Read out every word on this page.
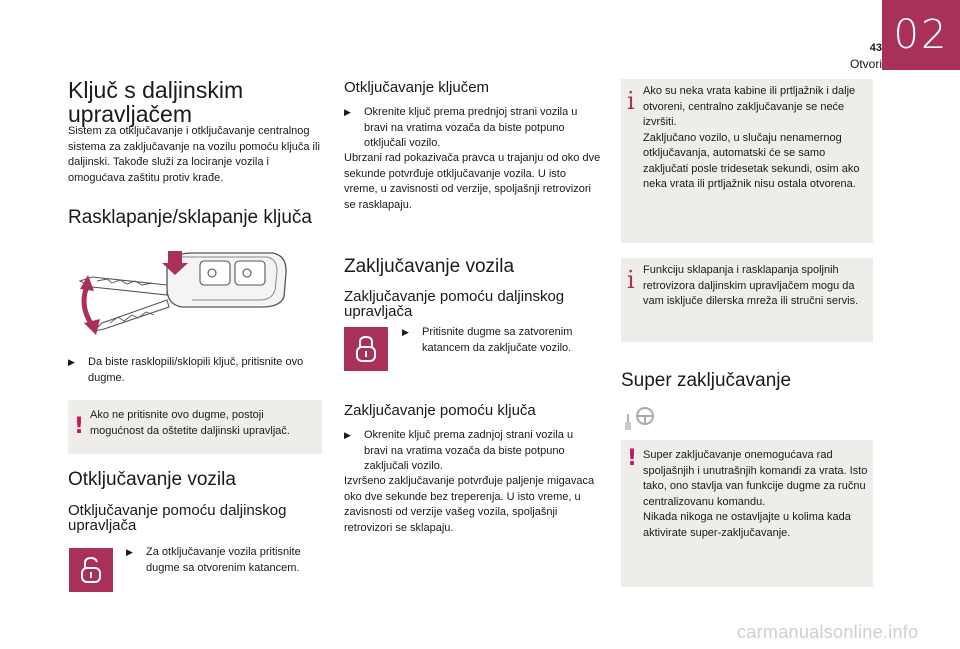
43
Otvori
02
Ključ s daljinskim upravljačem
Sistem za otključavanje i otključavanje centralnog sistema za zaključavanje na vozilu pomoću ključa ili daljinski. Takođe služi za lociranje vozila i omogućava zaštitu protiv krađe.
Rasklapanje/sklapanje ključa
▶	Da biste rasklopili/sklopili ključ, pritisnite ovo dugme.
! Ako ne pritisnite ovo dugme, postoji mogućnost da oštetite daljinski upravljač.
Otključavanje vozila
Otključavanje pomoću daljinskog upravljača
▶	Za otključavanje vozila pritisnite dugme sa otvorenim katancem.
Otključavanje ključem
▶	Okrenite ključ prema prednjoj strani vozila u bravi na vratima vozača da biste potpuno otključali vozilo.
Ubrzani rad pokazivača pravca u trajanju od oko dve sekunde potvrđuje otključavanje vozila. U isto vreme, u zavisnosti od verzije, spoljašnji retrovizori se rasklapaju.
Zaključavanje vozila
Zaključavanje pomoću daljinskog upravljača
▶	Pritisnite dugme sa zatvorenim katancem da zaključate vozilo.
Zaključavanje pomoću ključa
▶	Okrenite ključ prema zadnjoj strani vozila u bravi na vratima vozača da biste potpuno zaključali vozilo.
Izvršeno zaključavanje potvrđuje paljenje migavaca oko dve sekunde bez treperenja. U isto vreme, u zavisnosti od verzije vašeg vozila, spoljašnji retrovizori se sklapaju.
i Ako su neka vrata kabine ili prtljažnik i dalje otvoreni, centralno zaključavanje se neće izvršiti.
Zaključano vozilo, u slučaju nenamernog otključavanja, automatski će se samo zaključati posle tridesetak sekundi, osim ako neka vrata ili prtljažnik nisu ostala otvorena.
i Funkciju sklapanja i rasklapanja spoljnih retrovizora daljinskim upravljačem mogu da vam isključe dilerska mreža ili stručni servis.
Super zaključavanje
! Super zaključavanje onemogućava rad spoljašnjih i unutrašnjih komandi za vrata. Isto tako, ono stavlja van funkcije dugme za ručnu centralizovanu komandu.
Nikada nikoga ne ostavljajte u kolima kada aktivirate super-zaključavanje.
carmanualsonline.info
